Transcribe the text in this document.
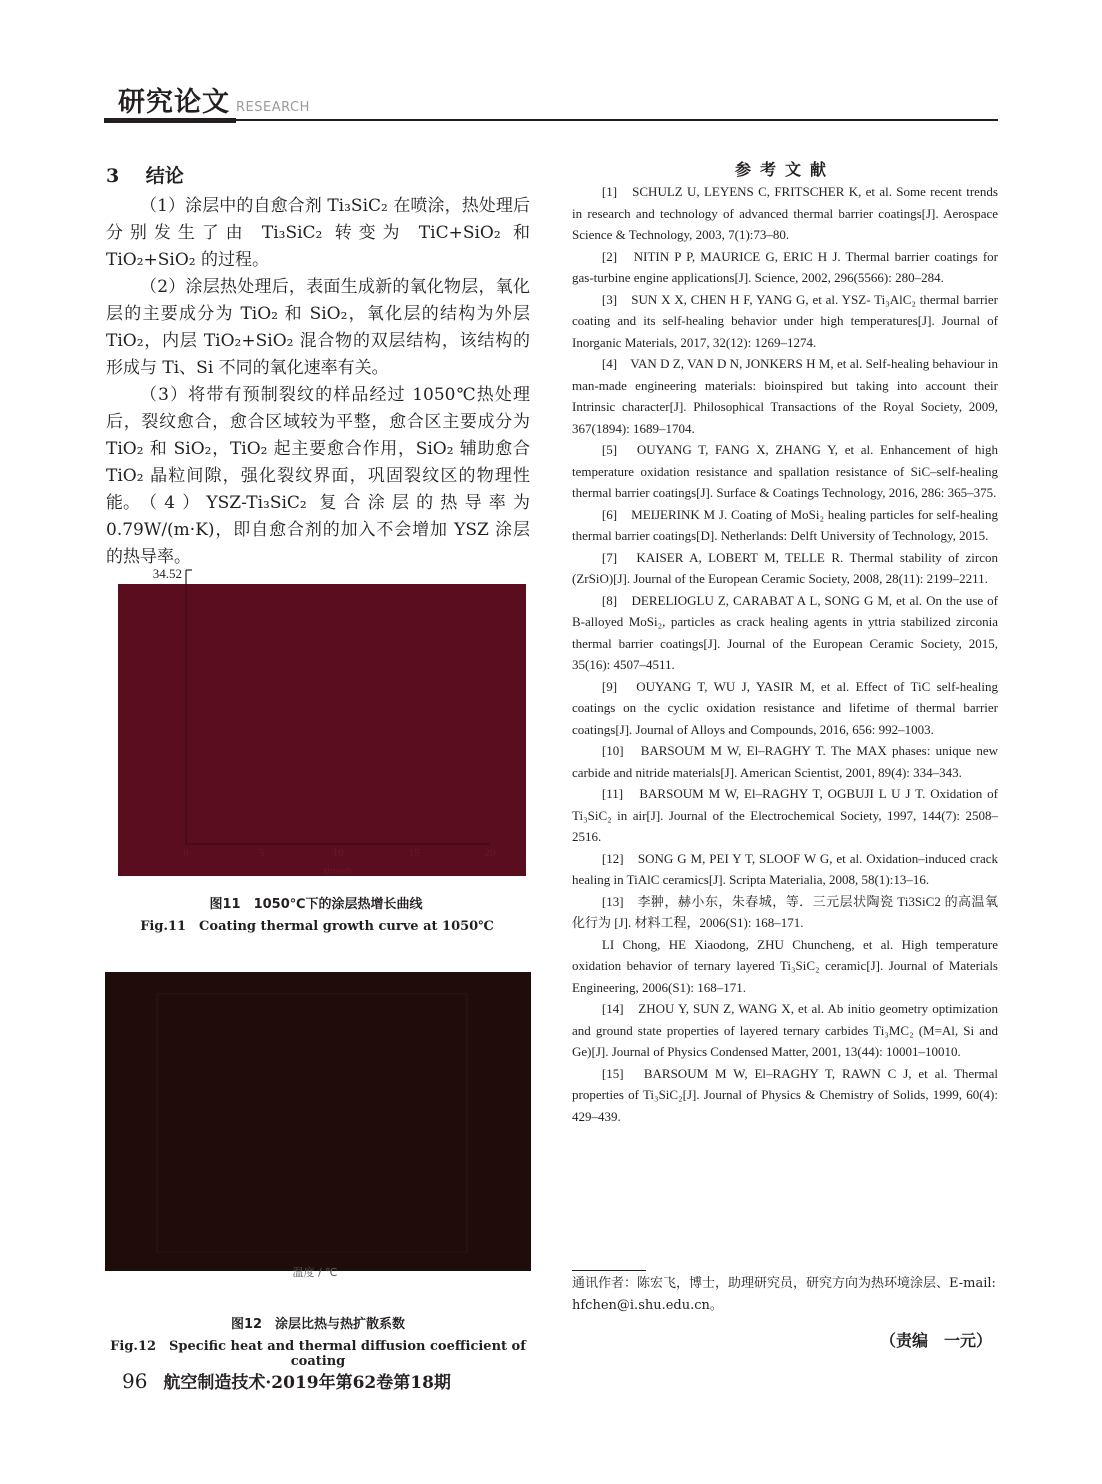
研究论文 RESEARCH
3 结论
（1）涂层中的自愈合剂 Ti₃SiC₂ 在喷涂，热处理后分别发生了由 Ti₃SiC₂ 转变为 TiC+SiO₂ 和 TiO₂+SiO₂ 的过程。
（2）涂层热处理后，表面生成新的氧化物层，氧化层的主要成分为 TiO₂ 和 SiO₂，氧化层的结构为外层 TiO₂，内层 TiO₂+SiO₂ 混合物的双层结构，该结构的形成与 Ti、Si 不同的氧化速率有关。
（3）将带有预制裂纹的样品经过 1050℃热处理后，裂纹愈合，愈合区域较为平整，愈合区主要成分为 TiO₂ 和 SiO₂，TiO₂ 起主要愈合作用，SiO₂ 辅助愈合 TiO₂ 晶粒间隙，强化裂纹界面，巩固裂纹区的物理性能。 （4）YSZ-Ti₃SiC₂ 复合涂层的热导率为 0.79W/(m·K)，即自愈合剂的加入不会增加 YSZ 涂层的热导率。
34.52
0	5	10	15	20
time/h
图11　1050℃下的涂层热增长曲线
Fig.11　Coating thermal growth curve at 1050℃
温度 / ℃
图12　涂层比热与热扩散系数
Fig.12　Specific heat and thermal diffusion coefficient of coating
参考文献

[1]　SCHULZ U, LEYENS C, FRITSCHER K, et al. Some recent trends in research and technology of advanced thermal barrier coatings[J]. Aerospace Science & Technology, 2003, 7(1):73–80.

[2]　NITIN P P, MAURICE G, ERIC H J. Thermal barrier coatings for gas-turbine engine applications[J]. Science, 2002, 296(5566): 280–284.

[3]　SUN X X, CHEN H F, YANG G, et al. YSZ- Ti₃AlC₂ thermal barrier coating and its self-healing behavior under high temperatures[J]. Journal of Inorganic Materials, 2017, 32(12): 1269–1274.

[4]　VAN D Z, VAN D N, JONKERS H M, et al. Self-healing behaviour in man-made engineering materials: bioinspired but taking into account their Intrinsic character[J]. Philosophical Transactions of the Royal Society, 2009, 367(1894): 1689–1704.

[5]　OUYANG T, FANG X, ZHANG Y, et al. Enhancement of high temperature oxidation resistance and spallation resistance of SiC–self-healing thermal barrier coatings[J]. Surface & Coatings Technology, 2016, 286: 365–375.

[6]　MEIJERINK M J. Coating of MoSi₂ healing particles for self-healing thermal barrier coatings[D]. Netherlands: Delft University of Technology, 2015.

[7]　KAISER A, LOBERT M, TELLE R. Thermal stability of zircon (ZrSiO)[J]. Journal of the European Ceramic Society, 2008, 28(11): 2199–2211.

[8]　DERELIOGLU Z, CARABAT A L, SONG G M, et al. On the use of B-alloyed MoSi₂, particles as crack healing agents in yttria stabilized zirconia thermal barrier coatings[J]. Journal of the European Ceramic Society, 2015, 35(16): 4507–4511.

[9]　OUYANG T, WU J, YASIR M, et al. Effect of TiC self-healing coatings on the cyclic oxidation resistance and lifetime of thermal barrier coatings[J]. Journal of Alloys and Compounds, 2016, 656: 992–1003.

[10]　BARSOUM M W, El–RAGHY T. The MAX phases: unique new carbide and nitride materials[J]. American Scientist, 2001, 89(4): 334–343.

[11]　BARSOUM M W, El–RAGHY T, OGBUJI L U J T. Oxidation of Ti₃SiC₂ in air[J]. Journal of the Electrochemical Society, 1997, 144(7): 2508–2516.

[12]　SONG G M, PEI Y T, SLOOF W G, et al. Oxidation–induced crack healing in TiAlC ceramics[J]. Scripta Materialia, 2008, 58(1):13–16.

[13]　李翀，赫小东，朱春城，等．三元层状陶瓷 Ti3SiC2 的高温氧化行为 [J]. 材料工程，2006(S1): 168–171.

LI Chong, HE Xiaodong, ZHU Chuncheng, et al. High temperature oxidation behavior of ternary layered Ti₃SiC₂ ceramic[J]. Journal of Materials Engineering, 2006(S1): 168–171.

[14]　ZHOU Y, SUN Z, WANG X, et al. Ab initio geometry optimization and ground state properties of layered ternary carbides Ti₃MC₂ (M=Al, Si and Ge)[J]. Journal of Physics Condensed Matter, 2001, 13(44): 10001–10010.

[15]　BARSOUM M W, El–RAGHY T, RAWN C J, et al. Thermal properties of Ti₃SiC₂[J]. Journal of Physics & Chemistry of Solids, 1999, 60(4): 429–439.

通讯作者：陈宏飞，博士，助理研究员，研究方向为热环境涂层、E-mail: hfchen@i.shu.edu.cn。
（责编　一元）
96 航空制造技术·2019年第62卷第18期
